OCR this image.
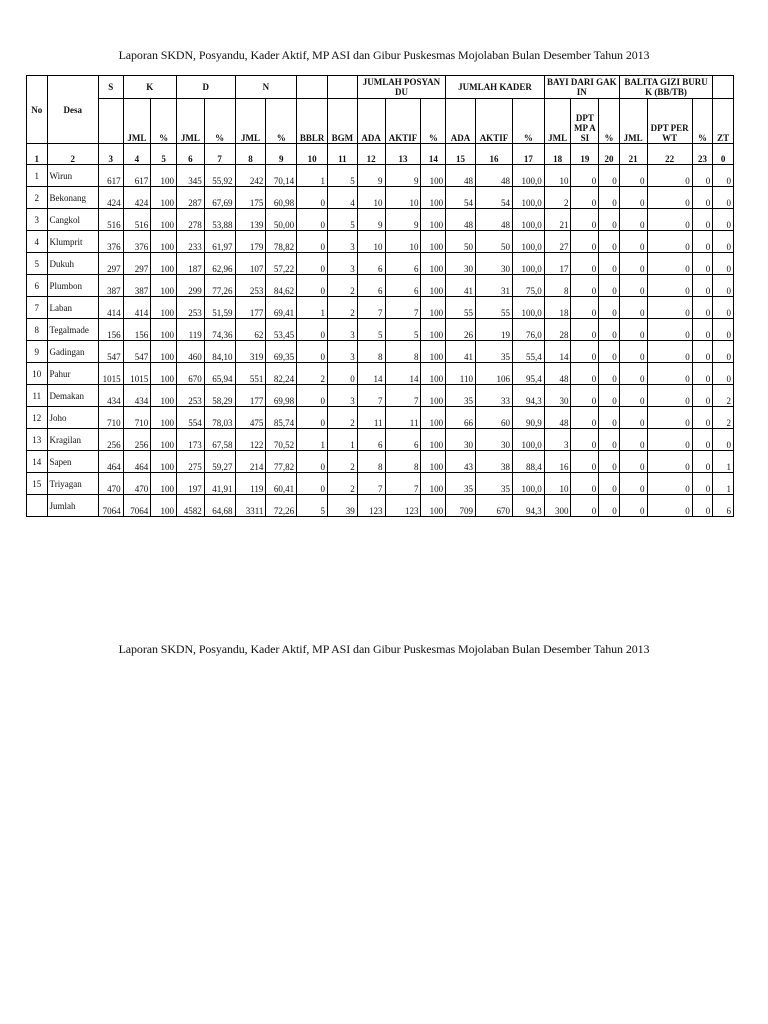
Laporan SKDN, Posyandu, Kader Aktif, MP ASI dan Gibur Puskesmas Mojolaban Bulan Desember Tahun 2013
No	Desa	S	K		D		N				JUMLAH POSYANDU			JUMLAH KADER			BAYI DARI GAKIN			BALITA GIZI BURUK (BB/TB)			
			JML	%	JML	%	JML	%	BBLR	BGM	ADA	AKTIF	%	ADA	AKTIF	%	JML	DPT MP ASI	%	JML	DPT PERWT	%	ZT
1	2	3	4	5	6	7	8	9	10	11	12	13	14	15	16	17	18	19	20	21	22	23	0
1	Wirun	617	617	100	345	55,92	242	70,14	1	5	9	9	100	48	48	100,0	10	0	0	0	0	0	0
2	Bekonang	424	424	100	287	67,69	175	60,98	0	4	10	10	100	54	54	100,0	2	0	0	0	0	0	0
3	Cangkol	516	516	100	278	53,88	139	50,00	0	5	9	9	100	48	48	100,0	21	0	0	0	0	0	0
4	Klumprit	376	376	100	233	61,97	179	78,82	0	3	10	10	100	50	50	100,0	27	0	0	0	0	0	0
5	Dukuh	297	297	100	187	62,96	107	57,22	0	3	6	6	100	30	30	100,0	17	0	0	0	0	0	0
6	Plumbon	387	387	100	299	77,26	253	84,62	0	2	6	6	100	41	31	75,0	8	0	0	0	0	0	0
7	Laban	414	414	100	253	51,59	177	69,41	1	2	7	7	100	55	55	100,0	18	0	0	0	0	0	0
8	Tegalmade	156	156	100	119	74,36	62	53,45	0	3	5	5	100	26	19	76,0	28	0	0	0	0	0	0
9	Gadingan	547	547	100	460	84,10	319	69,35	0	3	8	8	100	41	35	55,4	14	0	0	0	0	0	0
10	Pahur	1015	1015	100	670	65,94	551	82,24	2	0	14	14	100	110	106	95,4	48	0	0	0	0	0	0
11	Demakan	434	434	100	253	58,29	177	69,98	0	3	7	7	100	35	33	94,3	30	0	0	0	0	0	2
12	Joho	710	710	100	554	78,03	475	85,74	0	2	11	11	100	66	60	90,9	48	0	0	0	0	0	2
13	Kragilan	256	256	100	173	67,58	122	70,52	1	1	6	6	100	30	30	100,0	3	0	0	0	0	0	0
14	Sapen	464	464	100	275	59,27	214	77,82	0	2	8	8	100	43	38	88,4	16	0	0	0	0	0	1
15	Triyagan	470	470	100	197	41,91	119	60,41	0	2	7	7	100	35	35	100,0	10	0	0	0	0	0	1
	Jumlah	7064	7064	100	4582	64,68	3311	72,26	5	39	123	123	100	709	670	94,3	300	0	0	0	0	0	6
Laporan SKDN, Posyandu, Kader Aktif, MP ASI dan Gibur Puskesmas Mojolaban Bulan Desember Tahun 2013
